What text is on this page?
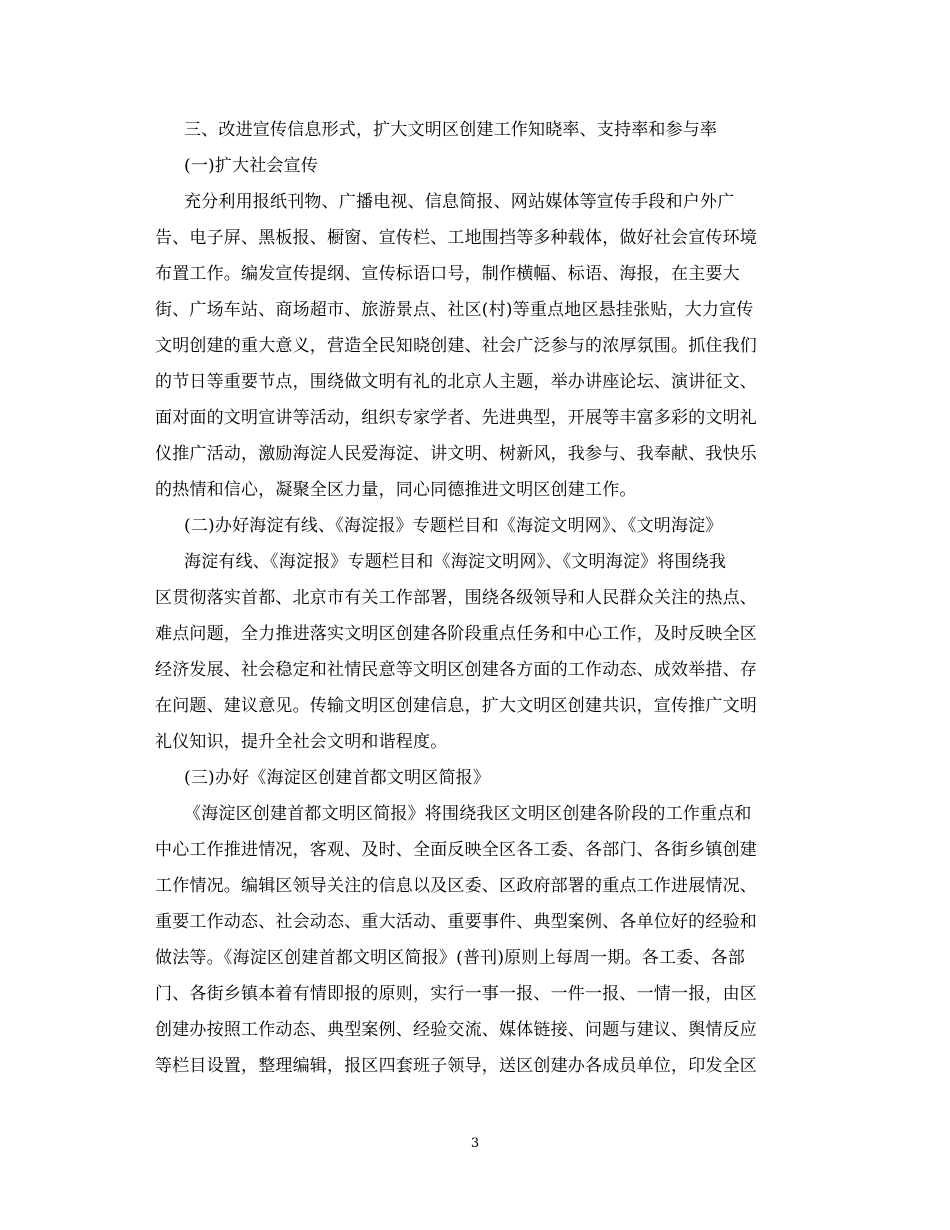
三、改进宣传信息形式，扩大文明区创建工作知晓率、支持率和参与率
(一)扩大社会宣传
充分利用报纸刊物、广播电视、信息简报、网站媒体等宣传手段和户外广
告、电子屏、黑板报、橱窗、宣传栏、工地围挡等多种载体，做好社会宣传环境
布置工作。编发宣传提纲、宣传标语口号，制作横幅、标语、海报，在主要大
街、广场车站、商场超市、旅游景点、社区(村)等重点地区悬挂张贴，大力宣传
文明创建的重大意义，营造全民知晓创建、社会广泛参与的浓厚氛围。抓住我们
的节日等重要节点，围绕做文明有礼的北京人主题，举办讲座论坛、演讲征文、
面对面的文明宣讲等活动，组织专家学者、先进典型，开展等丰富多彩的文明礼
仪推广活动，激励海淀人民爱海淀、讲文明、树新风，我参与、我奉献、我快乐
的热情和信心，凝聚全区力量，同心同德推进文明区创建工作。
(二)办好海淀有线、《海淀报》专题栏目和《海淀文明网》、《文明海淀》
海淀有线、《海淀报》专题栏目和《海淀文明网》、《文明海淀》将围绕我
区贯彻落实首都、北京市有关工作部署，围绕各级领导和人民群众关注的热点、
难点问题，全力推进落实文明区创建各阶段重点任务和中心工作，及时反映全区
经济发展、社会稳定和社情民意等文明区创建各方面的工作动态、成效举措、存
在问题、建议意见。传输文明区创建信息，扩大文明区创建共识，宣传推广文明
礼仪知识，提升全社会文明和谐程度。
(三)办好《海淀区创建首都文明区简报》
《海淀区创建首都文明区简报》将围绕我区文明区创建各阶段的工作重点和
中心工作推进情况，客观、及时、全面反映全区各工委、各部门、各街乡镇创建
工作情况。编辑区领导关注的信息以及区委、区政府部署的重点工作进展情况、
重要工作动态、社会动态、重大活动、重要事件、典型案例、各单位好的经验和
做法等。《海淀区创建首都文明区简报》(普刊)原则上每周一期。各工委、各部
门、各街乡镇本着有情即报的原则，实行一事一报、一件一报、一情一报，由区
创建办按照工作动态、典型案例、经验交流、媒体链接、问题与建议、舆情反应
等栏目设置，整理编辑，报区四套班子领导，送区创建办各成员单位，印发全区
3
